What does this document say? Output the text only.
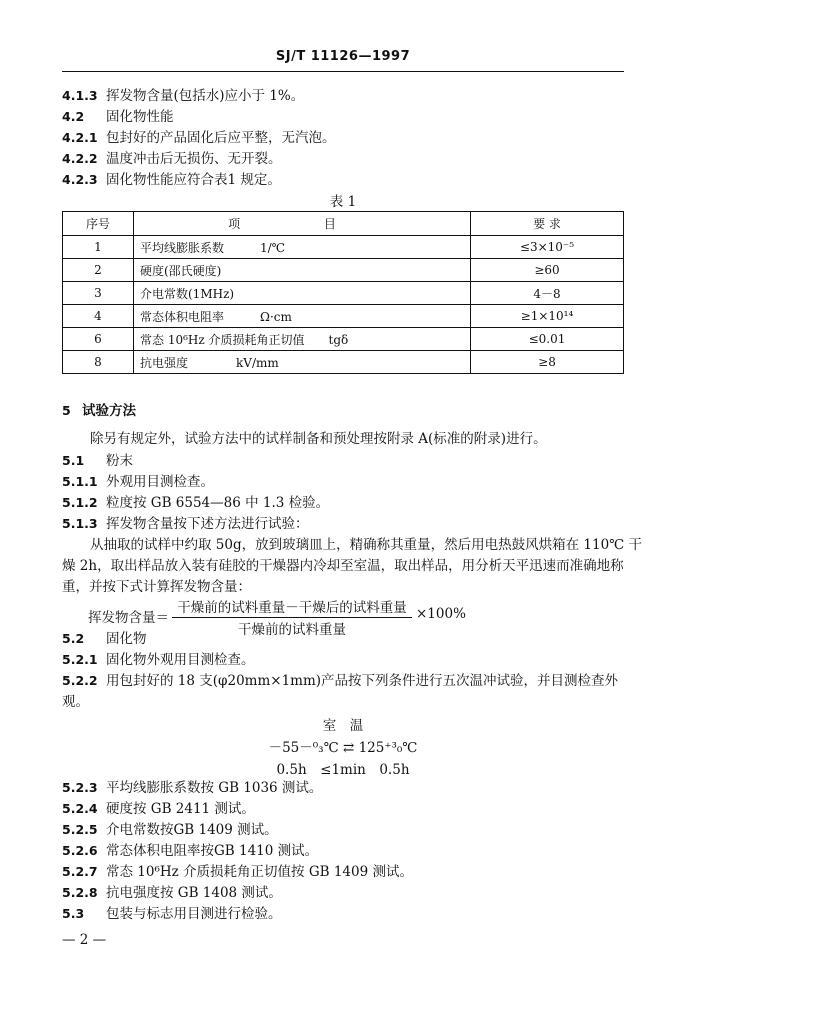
SJ/T 11126—1997
4.1.3 挥发物含量(包括水)应小于 1%。
4.2 固化物性能
4.2.1 包封好的产品固化后应平整，无汽泡。
4.2.2 温度冲击后无损伤、无开裂。
4.2.3 固化物性能应符合表1 规定。
表 1
序号	项 目	要 求
1	平均线膨胀系数　　　1/℃	≤3×10⁻⁵
2	硬度(邵氏硬度)	≥60
3	介电常数(1MHz)	4－8
4	常态体积电阻率　　　Ω·cm	≥1×10¹⁴
6	常态 10⁶Hz 介质损耗角正切值　　tgδ	≤0.01
8	抗电强度　　　　kV/mm	≥8
5 试验方法
除另有规定外，试验方法中的试样制备和预处理按附录 A(标准的附录)进行。
5.1 粉末
5.1.1 外观用目测检查。
5.1.2 粒度按 GB 6554—86 中 1.3 检验。
5.1.3 挥发物含量按下述方法进行试验：
从抽取的试样中约取 50g，放到玻璃皿上，精确称其重量，然后用电热鼓风烘箱在 110℃ 干
燥 2h，取出样品放入装有硅胶的干燥器内冷却至室温，取出样品，用分析天平迅速而准确地称
重，并按下式计算挥发物含量：
挥发物含量＝
干燥前的试料重量－干燥后的试料重量
干燥前的试料重量
×100%
5.2 固化物
5.2.1 固化物外观用目测检查。
5.2.2 用包封好的 18 支(φ20mm×1mm)产品按下列条件进行五次温冲试验，并目测检查外
观。
室　温
－55－⁰₃℃ ⇄ 125⁺³₀℃
0.5h　≤1min　0.5h
5.2.3 平均线膨胀系数按 GB 1036 测试。
5.2.4 硬度按 GB 2411 测试。
5.2.5 介电常数按GB 1409 测试。
5.2.6 常态体积电阻率按GB 1410 测试。
5.2.7 常态 10⁶Hz 介质损耗角正切值按 GB 1409 测试。
5.2.8 抗电强度按 GB 1408 测试。
5.3 包装与标志用目测进行检验。
— 2 —
